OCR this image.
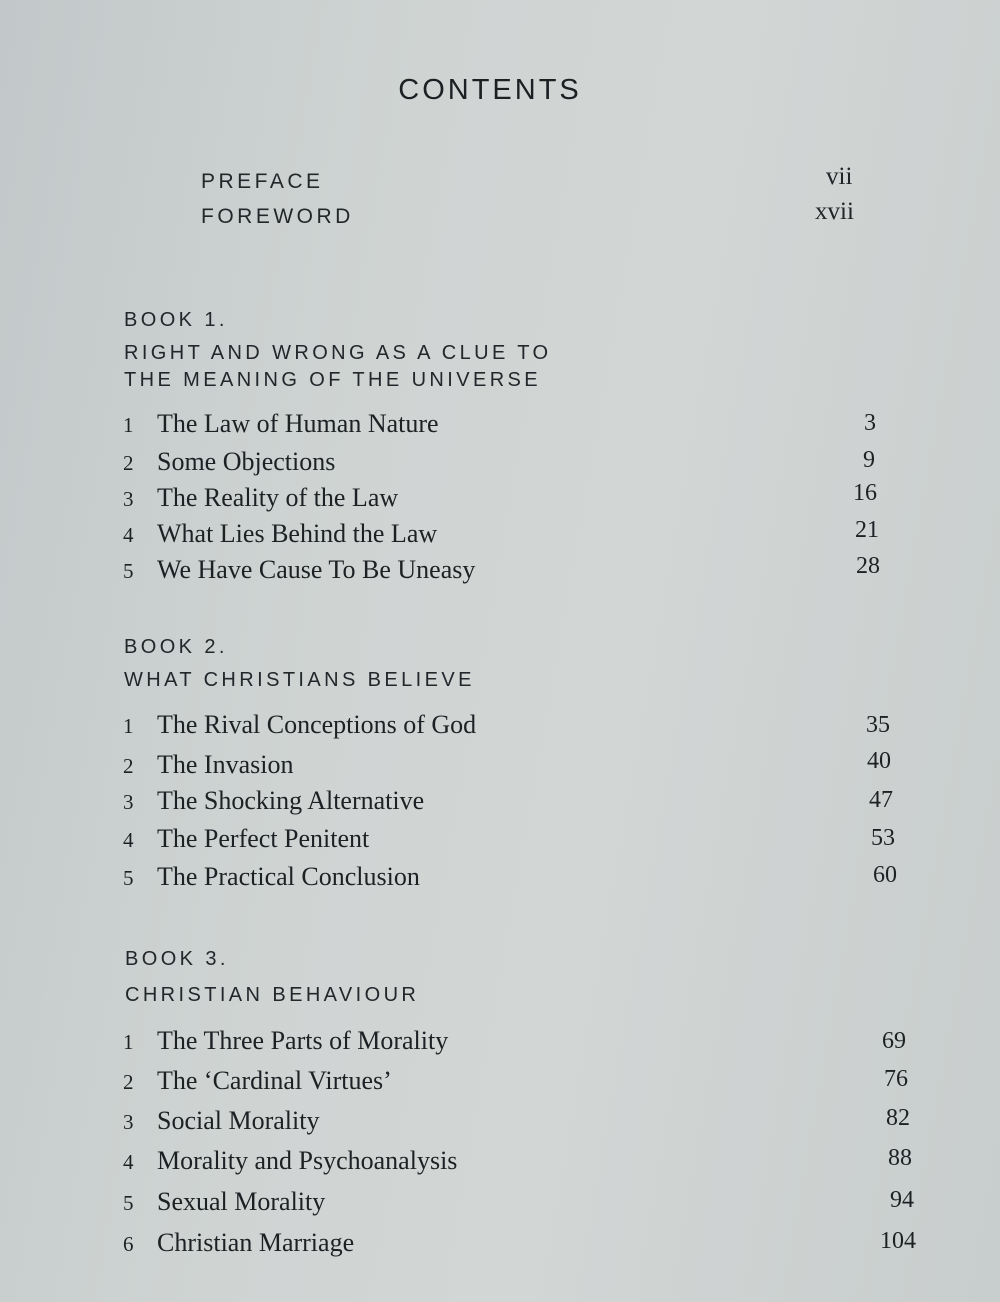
CONTENTS
PREFACE	vii
FOREWORD	xvii
BOOK 1.
RIGHT AND WRONG AS A CLUE TO
THE MEANING OF THE UNIVERSE
1 The Law of Human Nature	3
2 Some Objections	9
3 The Reality of the Law	16
4 What Lies Behind the Law	21
5 We Have Cause To Be Uneasy	28
BOOK 2.
WHAT CHRISTIANS BELIEVE
1 The Rival Conceptions of God	35
2 The Invasion	40
3 The Shocking Alternative	47
4 The Perfect Penitent	53
5 The Practical Conclusion	60
BOOK 3.
CHRISTIAN BEHAVIOUR
1 The Three Parts of Morality	69
2 The ‘Cardinal Virtues’	76
3 Social Morality	82
4 Morality and Psychoanalysis	88
5 Sexual Morality	94
6 Christian Marriage	104
